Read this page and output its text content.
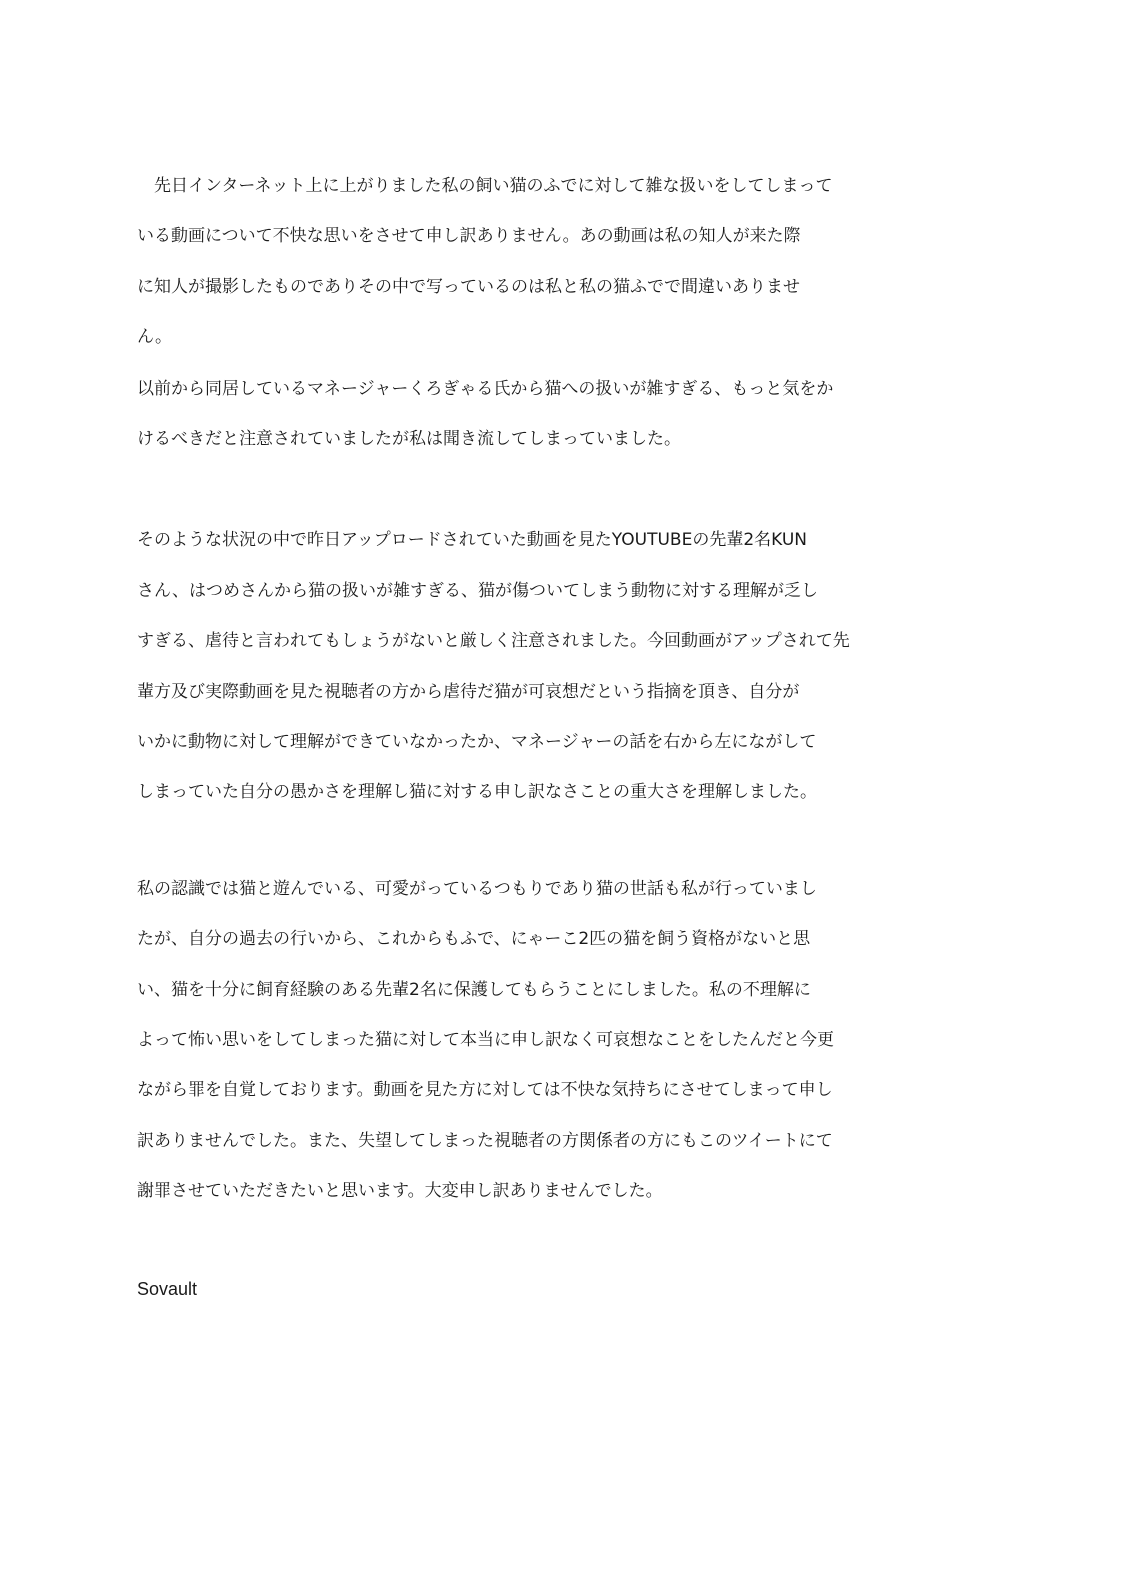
　先日インターネット上に上がりました私の飼い猫のふでに対して雑な扱いをしてしまって
いる動画について不快な思いをさせて申し訳ありません。あの動画は私の知人が来た際
に知人が撮影したものでありその中で写っているのは私と私の猫ふでで間違いありませ
ん。
以前から同居しているマネージャーくろぎゃる氏から猫への扱いが雑すぎる、もっと気をか
けるべきだと注意されていましたが私は聞き流してしまっていました。
そのような状況の中で昨日アップロードされていた動画を見たYOUTUBEの先輩2名KUN
さん、はつめさんから猫の扱いが雑すぎる、猫が傷ついてしまう動物に対する理解が乏し
すぎる、虐待と言われてもしょうがないと厳しく注意されました。今回動画がアップされて先
輩方及び実際動画を見た視聴者の方から虐待だ猫が可哀想だという指摘を頂き、自分が
いかに動物に対して理解ができていなかったか、マネージャーの話を右から左にながして
しまっていた自分の愚かさを理解し猫に対する申し訳なさことの重大さを理解しました。
私の認識では猫と遊んでいる、可愛がっているつもりであり猫の世話も私が行っていまし
たが、自分の過去の行いから、これからもふで、にゃーこ2匹の猫を飼う資格がないと思
い、猫を十分に飼育経験のある先輩2名に保護してもらうことにしました。私の不理解に
よって怖い思いをしてしまった猫に対して本当に申し訳なく可哀想なことをしたんだと今更
ながら罪を自覚しております。動画を見た方に対しては不快な気持ちにさせてしまって申し
訳ありませんでした。また、失望してしまった視聴者の方関係者の方にもこのツイートにて
謝罪させていただきたいと思います。大変申し訳ありませんでした。
Sovault
